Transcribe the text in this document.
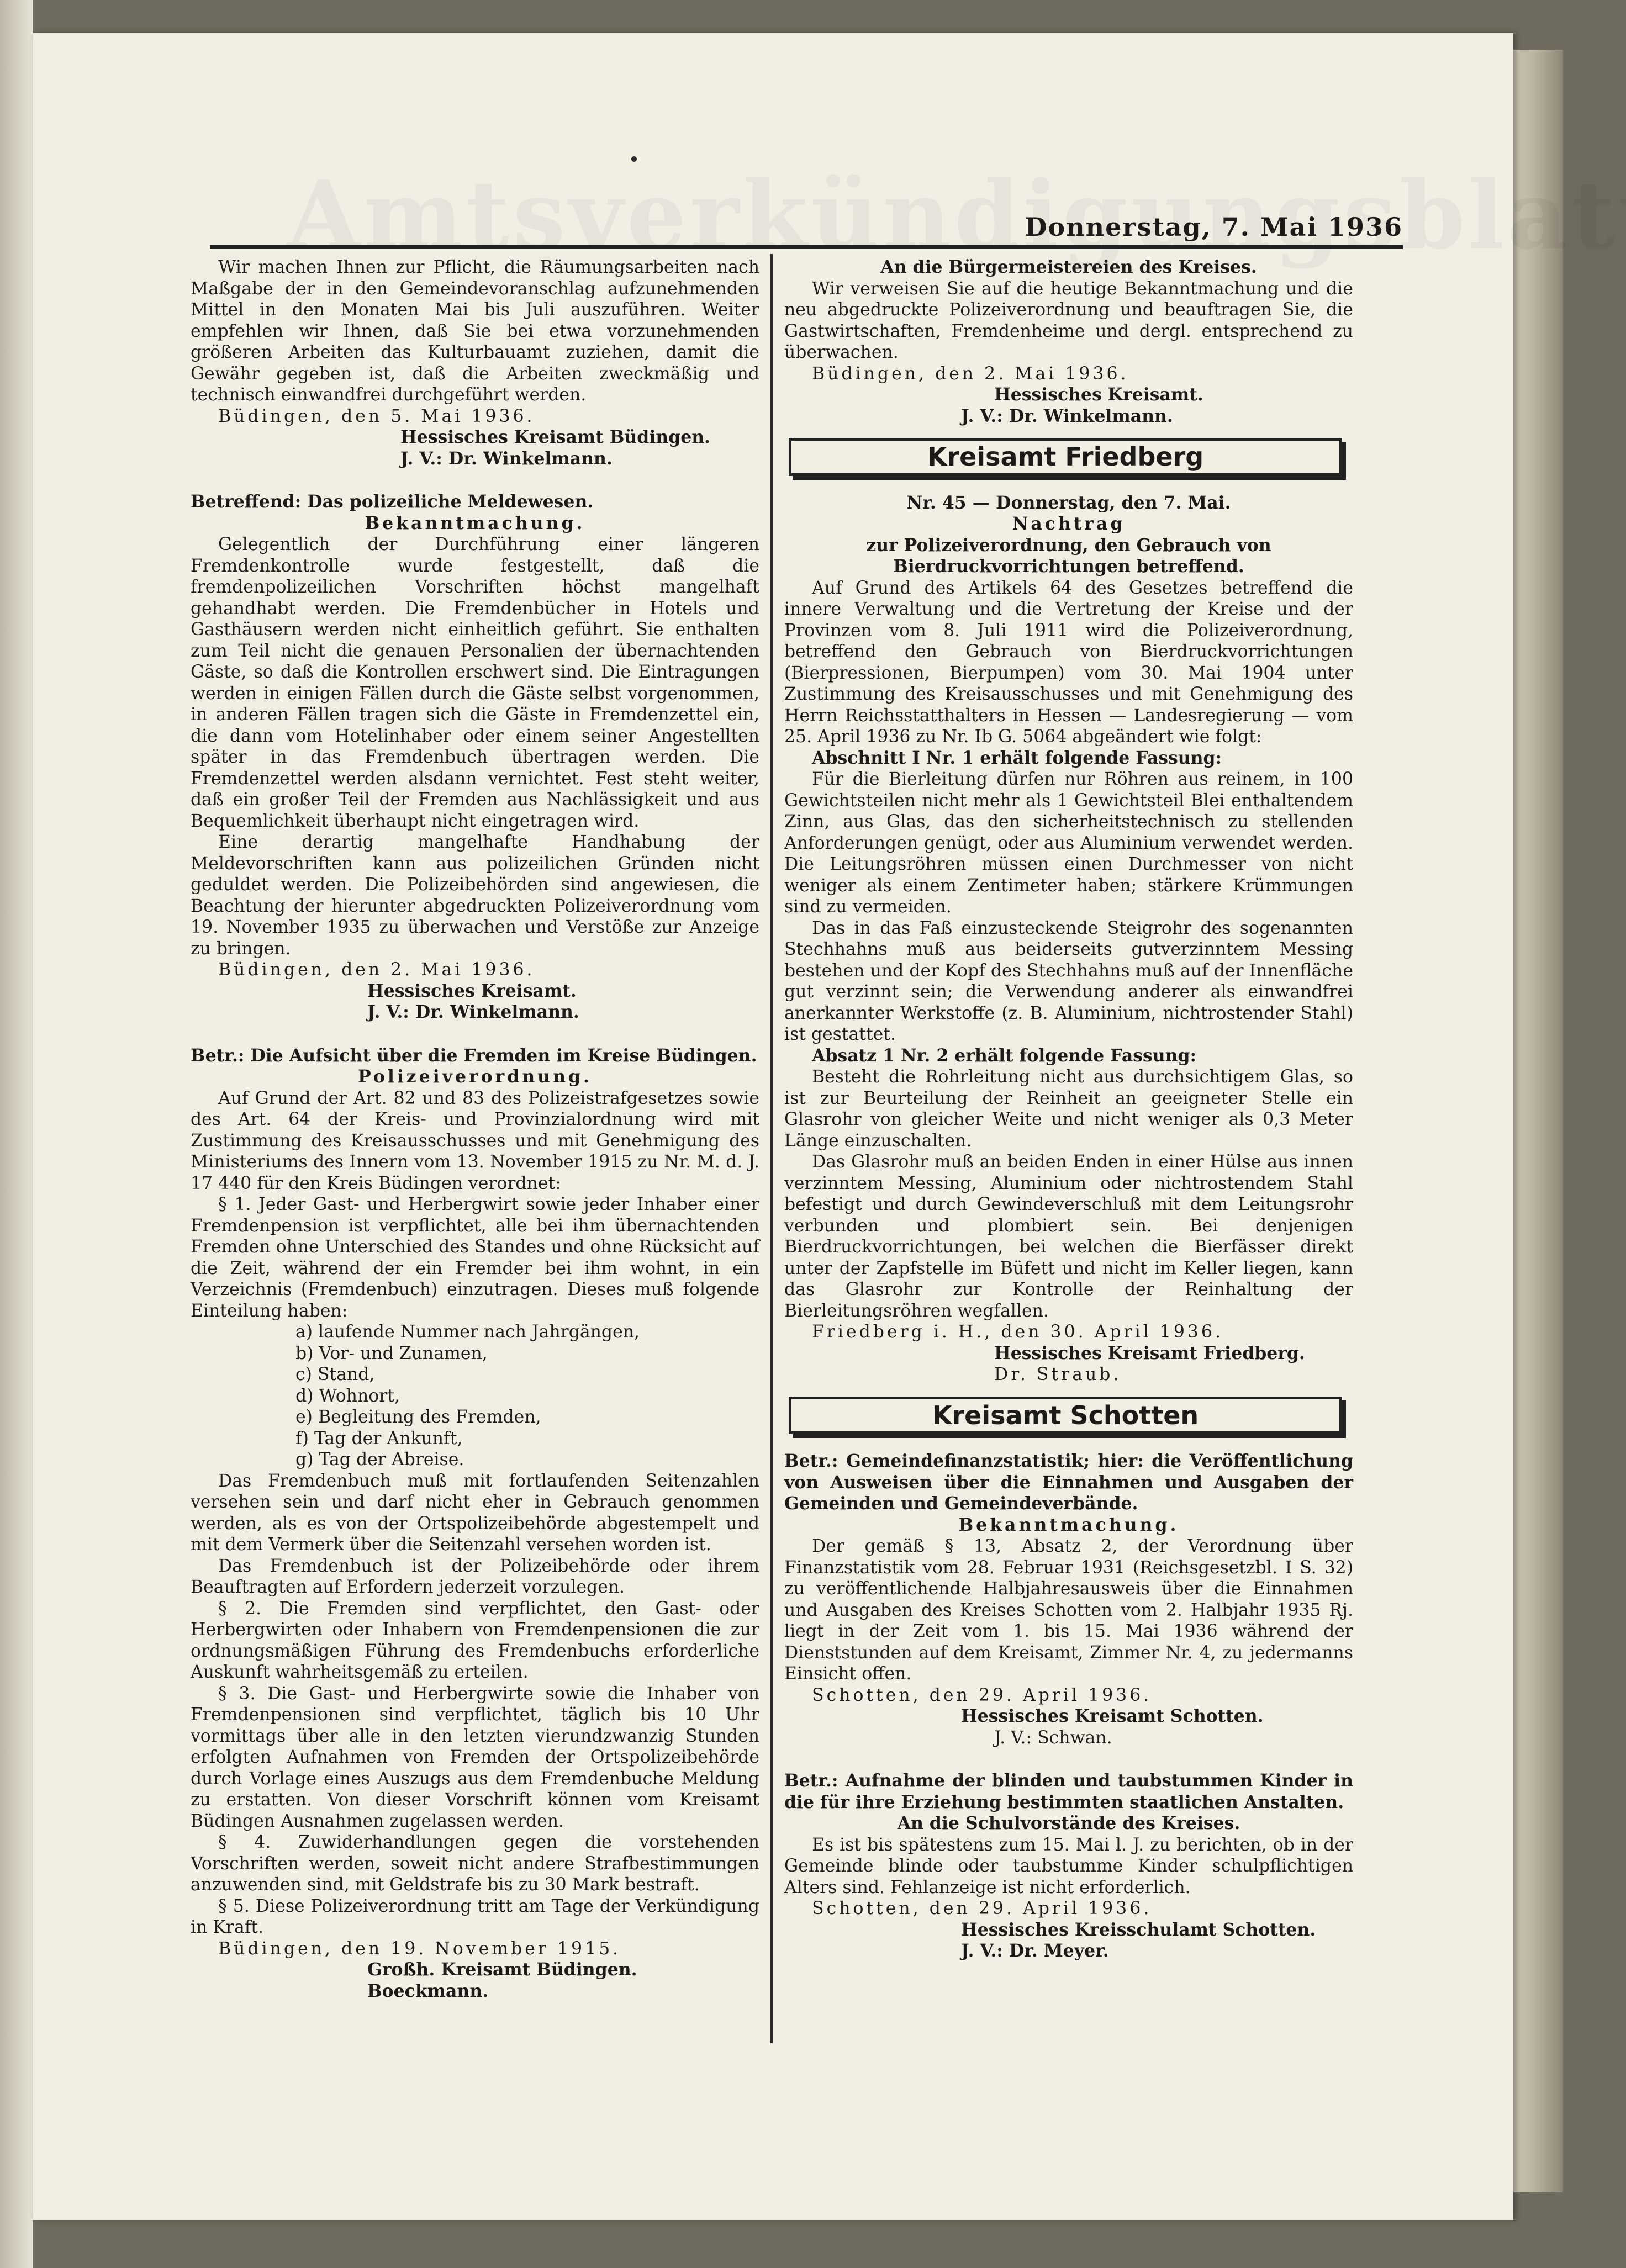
Donnerstag, 7. Mai 1936

Wir machen Ihnen zur Pflicht, die Räumungsarbeiten nach Maßgabe der in den Gemeindevoranschlag aufzunehmenden Mittel in den Monaten Mai bis Juli auszuführen. Weiter empfehlen wir Ihnen, daß Sie bei etwa vorzunehmenden größeren Arbeiten das Kulturbauamt zuziehen, damit die Gewähr gegeben ist, daß die Arbeiten zweckmäßig und technisch einwandfrei durchgeführt werden.

Büdingen, den 5. Mai 1936.

Hessisches Kreisamt Büdingen.

J. V.: Dr. Winkelmann.

Betreffend: Das polizeiliche Meldewesen.

Bekanntmachung.

Gelegentlich der Durchführung einer längeren Fremdenkontrolle wurde festgestellt, daß die fremdenpolizeilichen Vorschriften höchst mangelhaft gehandhabt werden. Die Fremdenbücher in Hotels und Gasthäusern werden nicht einheitlich geführt. Sie enthalten zum Teil nicht die genauen Personalien der übernachtenden Gäste, so daß die Kontrollen erschwert sind. Die Eintragungen werden in einigen Fällen durch die Gäste selbst vorgenommen, in anderen Fällen tragen sich die Gäste in Fremdenzettel ein, die dann vom Hotelinhaber oder einem seiner Angestellten später in das Fremdenbuch übertragen werden. Die Fremdenzettel werden alsdann vernichtet. Fest steht weiter, daß ein großer Teil der Fremden aus Nachlässigkeit und aus Bequemlichkeit überhaupt nicht eingetragen wird.

Eine derartig mangelhafte Handhabung der Meldevorschriften kann aus polizeilichen Gründen nicht geduldet werden. Die Polizeibehörden sind angewiesen, die Beachtung der hierunter abgedruckten Polizeiverordnung vom 19. November 1935 zu überwachen und Verstöße zur Anzeige zu bringen.

Büdingen, den 2. Mai 1936.

Hessisches Kreisamt.

J. V.: Dr. Winkelmann.

Betr.: Die Aufsicht über die Fremden im Kreise Büdingen.

Polizeiverordnung.

Auf Grund der Art. 82 und 83 des Polizeistrafgesetzes sowie des Art. 64 der Kreis- und Provinzialordnung wird mit Zustimmung des Kreisausschusses und mit Genehmigung des Ministeriums des Innern vom 13. November 1915 zu Nr. M. d. J. 17 440 für den Kreis Büdingen verordnet:

§ 1. Jeder Gast- und Herbergwirt sowie jeder Inhaber einer Fremdenpension ist verpflichtet, alle bei ihm übernachtenden Fremden ohne Unterschied des Standes und ohne Rücksicht auf die Zeit, während der ein Fremder bei ihm wohnt, in ein Verzeichnis (Fremdenbuch) einzutragen. Dieses muß folgende Einteilung haben:

a) laufende Nummer nach Jahrgängen,

b) Vor- und Zunamen,

c) Stand,

d) Wohnort,

e) Begleitung des Fremden,

f) Tag der Ankunft,

g) Tag der Abreise.

Das Fremdenbuch muß mit fortlaufenden Seitenzahlen versehen sein und darf nicht eher in Gebrauch genommen werden, als es von der Ortspolizeibehörde abgestempelt und mit dem Vermerk über die Seitenzahl versehen worden ist.

Das Fremdenbuch ist der Polizeibehörde oder ihrem Beauftragten auf Erfordern jederzeit vorzulegen.

§ 2. Die Fremden sind verpflichtet, den Gast- oder Herbergwirten oder Inhabern von Fremdenpensionen die zur ordnungsmäßigen Führung des Fremdenbuchs erforderliche Auskunft wahrheitsgemäß zu erteilen.

§ 3. Die Gast- und Herbergwirte sowie die Inhaber von Fremdenpensionen sind verpflichtet, täglich bis 10 Uhr vormittags über alle in den letzten vierundzwanzig Stunden erfolgten Aufnahmen von Fremden der Ortspolizeibehörde durch Vorlage eines Auszugs aus dem Fremdenbuche Meldung zu erstatten. Von dieser Vorschrift können vom Kreisamt Büdingen Ausnahmen zugelassen werden.

§ 4. Zuwiderhandlungen gegen die vorstehenden Vorschriften werden, soweit nicht andere Strafbestimmungen anzuwenden sind, mit Geldstrafe bis zu 30 Mark bestraft.

§ 5. Diese Polizeiverordnung tritt am Tage der Verkündigung in Kraft.

Büdingen, den 19. November 1915.

Großh. Kreisamt Büdingen.

Boeckmann.

An die Bürgermeistereien des Kreises.

Wir verweisen Sie auf die heutige Bekanntmachung und die neu abgedruckte Polizeiverordnung und beauftragen Sie, die Gastwirtschaften, Fremdenheime und dergl. entsprechend zu überwachen.

Büdingen, den 2. Mai 1936.

Hessisches Kreisamt.

J. V.: Dr. Winkelmann.

Kreisamt Friedberg

Nr. 45 — Donnerstag, den 7. Mai.

Nachtrag

zur Polizeiverordnung, den Gebrauch von Bierdruckvorrichtungen betreffend.

Auf Grund des Artikels 64 des Gesetzes betreffend die innere Verwaltung und die Vertretung der Kreise und der Provinzen vom 8. Juli 1911 wird die Polizeiverordnung, betreffend den Gebrauch von Bierdruckvorrichtungen (Bierpressionen, Bierpumpen) vom 30. Mai 1904 unter Zustimmung des Kreisausschusses und mit Genehmigung des Herrn Reichsstatthalters in Hessen — Landesregierung — vom 25. April 1936 zu Nr. Ib G. 5064 abgeändert wie folgt:

Abschnitt I Nr. 1 erhält folgende Fassung:

Für die Bierleitung dürfen nur Röhren aus reinem, in 100 Gewichtsteilen nicht mehr als 1 Gewichtsteil Blei enthaltendem Zinn, aus Glas, das den sicherheitstechnisch zu stellenden Anforderungen genügt, oder aus Aluminium verwendet werden. Die Leitungsröhren müssen einen Durchmesser von nicht weniger als einem Zentimeter haben; stärkere Krümmungen sind zu vermeiden.

Das in das Faß einzusteckende Steigrohr des sogenannten Stechhahns muß aus beiderseits gutverzinntem Messing bestehen und der Kopf des Stechhahns muß auf der Innenfläche gut verzinnt sein; die Verwendung anderer als einwandfrei anerkannter Werkstoffe (z. B. Aluminium, nichtrostender Stahl) ist gestattet.

Absatz 1 Nr. 2 erhält folgende Fassung:

Besteht die Rohrleitung nicht aus durchsichtigem Glas, so ist zur Beurteilung der Reinheit an geeigneter Stelle ein Glasrohr von gleicher Weite und nicht weniger als 0,3 Meter Länge einzuschalten.

Das Glasrohr muß an beiden Enden in einer Hülse aus innen verzinntem Messing, Aluminium oder nichtrostendem Stahl befestigt und durch Gewindeverschluß mit dem Leitungsrohr verbunden und plombiert sein. Bei denjenigen Bierdruckvorrichtungen, bei welchen die Bierfässer direkt unter der Zapfstelle im Büfett und nicht im Keller liegen, kann das Glasrohr zur Kontrolle der Reinhaltung der Bierleitungsröhren wegfallen.

Friedberg i. H., den 30. April 1936.

Hessisches Kreisamt Friedberg.

Dr. Straub.

Kreisamt Schotten

Betr.: Gemeindefinanzstatistik; hier: die Veröffentlichung von Ausweisen über die Einnahmen und Ausgaben der Gemeinden und Gemeindeverbände.

Bekanntmachung.

Der gemäß § 13, Absatz 2, der Verordnung über Finanzstatistik vom 28. Februar 1931 (Reichsgesetzbl. I S. 32) zu veröffentlichende Halbjahresausweis über die Einnahmen und Ausgaben des Kreises Schotten vom 2. Halbjahr 1935 Rj. liegt in der Zeit vom 1. bis 15. Mai 1936 während der Dienststunden auf dem Kreisamt, Zimmer Nr. 4, zu jedermanns Einsicht offen.

Schotten, den 29. April 1936.

Hessisches Kreisamt Schotten.

J. V.: Schwan.

Betr.: Aufnahme der blinden und taubstummen Kinder in die für ihre Erziehung bestimmten staatlichen Anstalten.

An die Schulvorstände des Kreises.

Es ist bis spätestens zum 15. Mai l. J. zu berichten, ob in der Gemeinde blinde oder taubstumme Kinder schulpflichtigen Alters sind. Fehlanzeige ist nicht erforderlich.

Schotten, den 29. April 1936.

Hessisches Kreisschulamt Schotten.

J. V.: Dr. Meyer.
